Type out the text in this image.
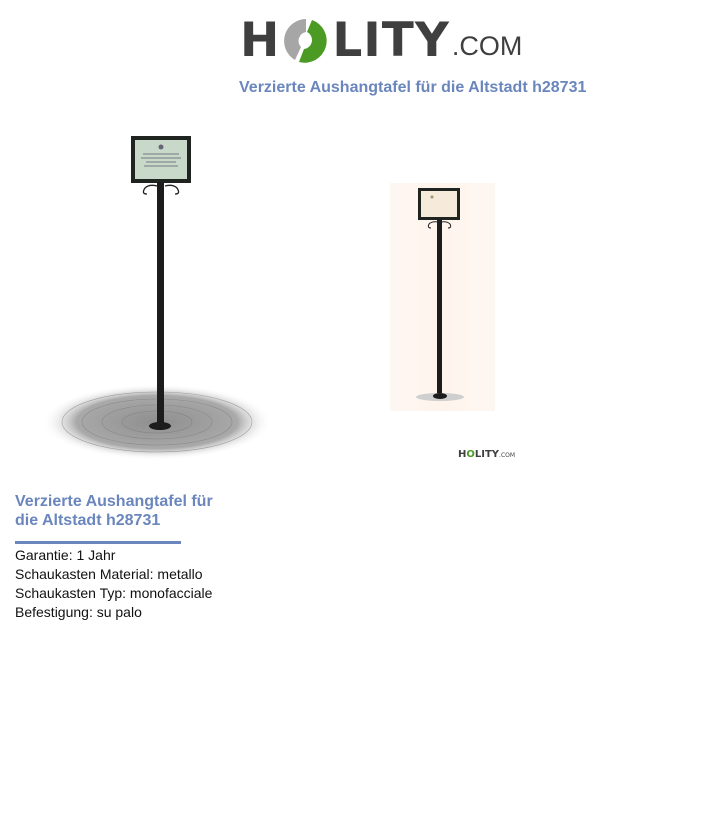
H LITY .COM
Verzierte Aushangtafel für die Altstadt h28731
HOLITY.COM
Verzierte Aushangtafel für die Altstadt h28731
Garantie: 1 Jahr
Schaukasten Material: metallo
Schaukasten Typ: monofacciale
Befestigung: su palo
